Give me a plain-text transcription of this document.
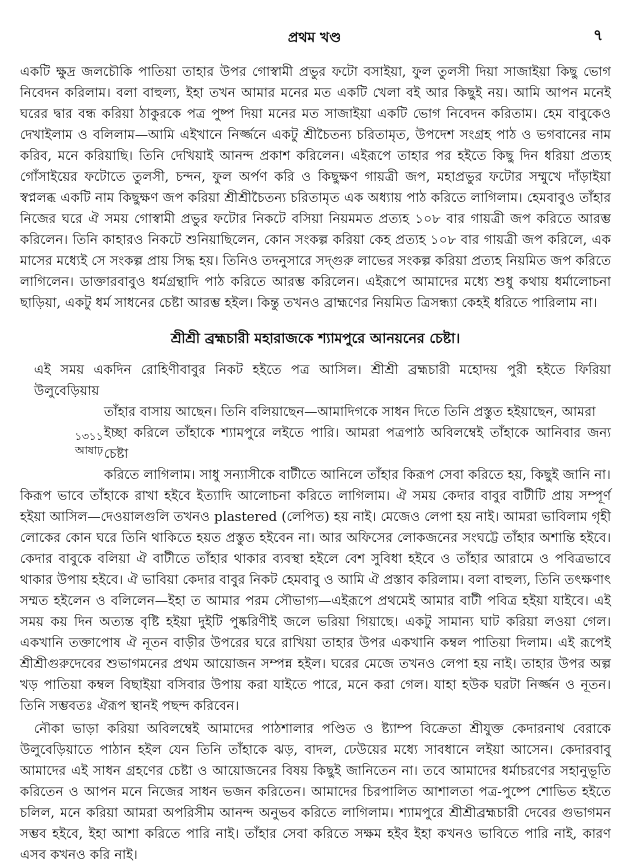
প্রথম খণ্ড	৭
১৩১১
আষাঢ়

একটি ক্ষুদ্র জলচৌকি পাতিয়া তাহার উপর গোস্বামী প্রভুর ফটো বসাইয়া, ফুল তুলসী দিয়া সাজাইয়া কিছু ভোগ নিবেদন করিলাম। বলা বাহুল্য, ইহা তখন আমার মনের মত একটি খেলা বই আর কিছুই নয়। আমি আপন মনেই ঘরের দ্বার বন্ধ করিয়া ঠাকুরকে পত্র পুষ্প দিয়া মনের মত সাজাইয়া একটি ভোগ নিবেদন করিতাম। হেম বাবুকেও দেখাইলাম ও বলিলাম—আমি এইখানে নির্জ্জনে একটু শ্রীচৈতন্য চরিতামৃত, উপদেশ সংগ্রহ পাঠ ও ভগবানের নাম করিব, মনে করিয়াছি। তিনি দেখিয়াই আনন্দ প্রকাশ করিলেন। এইরূপে তাহার পর হইতে কিছু দিন ধরিয়া প্রত্যহ গোঁসাইয়ের ফটোতে তুলসী, চন্দন, ফুল অর্পণ করি ও কিছুক্ষণ গায়ত্রী জপ, মহাপ্রভুর ফটোর সম্মুখে দাঁড়াইয়া স্বপ্নলব্ধ একটি নাম কিছুক্ষণ জপ করিয়া শ্রীশ্রীচৈতন্য চরিতামৃত এক অধ্যায় পাঠ করিতে লাগিলাম। হেমবাবুও তাঁহার নিজের ঘরে ঐ সময় গোস্বামী প্রভুর ফটোর নিকটে বসিয়া নিয়মমত প্রত্যহ ১০৮ বার গায়ত্রী জপ করিতে আরম্ভ করিলেন। তিনি কাহারও নিকটে শুনিয়াছিলেন, কোন সংকল্প করিয়া কেহ প্রত্যহ ১০৮ বার গায়ত্রী জপ করিলে, এক মাসের মধ্যেই সে সংকল্প প্রায় সিদ্ধ হয়। তিনিও তদনুসারে সদ্‌গুরু লাভের সংকল্প করিয়া প্রত্যহ নিয়মিত জপ করিতে লাগিলেন। ডাক্তারবাবুও ধর্মগ্রন্থাদি পাঠ করিতে আরম্ভ করিলেন। এইরূপে আমাদের মধ্যে শুধু কথায় ধর্মালোচনা ছাড়িয়া, একটু ধর্ম সাধনের চেষ্টা আরম্ভ হইল। কিন্তু তখনও ব্রাহ্মণের নিয়মিত ত্রিসন্ধ্যা কেহই ধরিতে পারিলাম না।

শ্রীশ্রী ব্রহ্মচারী মহারাজকে শ্যামপুরে আনয়নের চেষ্টা।
এই সময় একদিন রোহিণীবাবুর নিকট হইতে পত্র আসিল। শ্রীশ্রী ব্রহ্মচারী মহোদয় পুরী হইতে ফিরিয়া উলুবেড়িয়ায়
তাঁহার বাসায় আছেন। তিনি বলিয়াছেন—আমাদিগকে সাধন দিতে তিনি প্রস্তুত হইয়াছেন, আমরা
ইচ্ছা করিলে তাঁহাকে শ্যামপুরে লইতে পারি। আমরা পত্রপাঠ অবিলম্বেই তাঁহাকে আনিবার জন্য চেষ্টা
করিতে লাগিলাম। সাধু সন্যাসীকে বাটীতে আনিলে তাঁহার কিরূপ সেবা করিতে হয়, কিছুই জানি না।

কিরূপ ভাবে তাঁহাকে রাখা হইবে ইত্যাদি আলোচনা করিতে লাগিলাম। ঐ সময় কেদার বাবুর বাটীটি প্রায় সম্পূর্ণ হইয়া আসিল—দেওয়ালগুলি তখনও plastered (লেপিত) হয় নাই। মেজেও লেপা হয় নাই। আমরা ভাবিলাম গৃহী লোকের কোন ঘরে তিনি থাকিতে হয়ত প্রস্তুত হইবেন না। আর অফিসের লোকজনের সংঘট্টে তাঁহার অশান্তি হইবে। কেদার বাবুকে বলিয়া ঐ বাটীতে তাঁহার থাকার ব্যবস্থা হইলে বেশ সুবিধা হইবে ও তাঁহার আরামে ও পবিত্রভাবে থাকার উপায় হইবে। ঐ ভাবিয়া কেদার বাবুর নিকট হেমবাবু ও আমি ঐ প্রস্তাব করিলাম। বলা বাহুল্য, তিনি তৎক্ষণাৎ সম্মত হইলেন ও বলিলেন—ইহা ত আমার পরম সৌভাগ্য—এইরূপে প্রথমেই আমার বাটী পবিত্র হইয়া যাইবে। এই সময় কয় দিন অত্যন্ত বৃষ্টি হইয়া দুইটি পুষ্করিণীই জলে ভরিয়া গিয়াছে। একটু সামান্য ঘাট করিয়া লওয়া গেল। একখানি তক্তাপোষ ঐ নূতন বাড়ীর উপরের ঘরে রাখিয়া তাহার উপর একখানি কম্বল পাতিয়া দিলাম। এই রূপেই শ্রীশ্রীগুরুদেবের শুভাগমনের প্রথম আয়োজন সম্পন্ন হইল। ঘরের মেজে তখনও লেপা হয় নাই। তাহার উপর অল্প খড় পাতিয়া কম্বল বিছাইয়া বসিবার উপায় করা যাইতে পারে, মনে করা গেল। যাহা হউক ঘরটা নির্জ্জন ও নূতন। তিনি সম্ভবতঃ ঐরূপ স্থানই পছন্দ করিবেন।

নৌকা ভাড়া করিয়া অবিলম্বেই আমাদের পাঠশালার পণ্ডিত ও ষ্ট্যাম্প বিক্রেতা শ্রীযুক্ত কেদারনাথ বেরাকে উলুবেড়িয়াতে পাঠান হইল যেন তিনি তাঁহাকে ঝড়, বাদল, ঢেউয়ের মধ্যে সাবধানে লইয়া আসেন। কেদারবাবু আমাদের এই সাধন গ্রহণের চেষ্টা ও আয়োজনের বিষয় কিছুই জানিতেন না। তবে আমাদের ধর্মাচরণের সহানুভূতি করিতেন ও আপন মনে নিজের সাধন ভজন করিতেন। আমাদের চিরপালিত আশালতা পত্র-পুষ্পে শোভিত হইতে চলিল, মনে করিয়া আমরা অপরিসীম আনন্দ অনুভব করিতে লাগিলাম। শ্যামপুরে শ্রীশ্রীব্রহ্মচারী দেবের গুভাগমন সম্ভব হইবে, ইহা আশা করিতে পারি নাই। তাঁহার সেবা করিতে সক্ষম হইব ইহা কখনও ভাবিতে পারি নাই, কারণ এসব কখনও করি নাই।
